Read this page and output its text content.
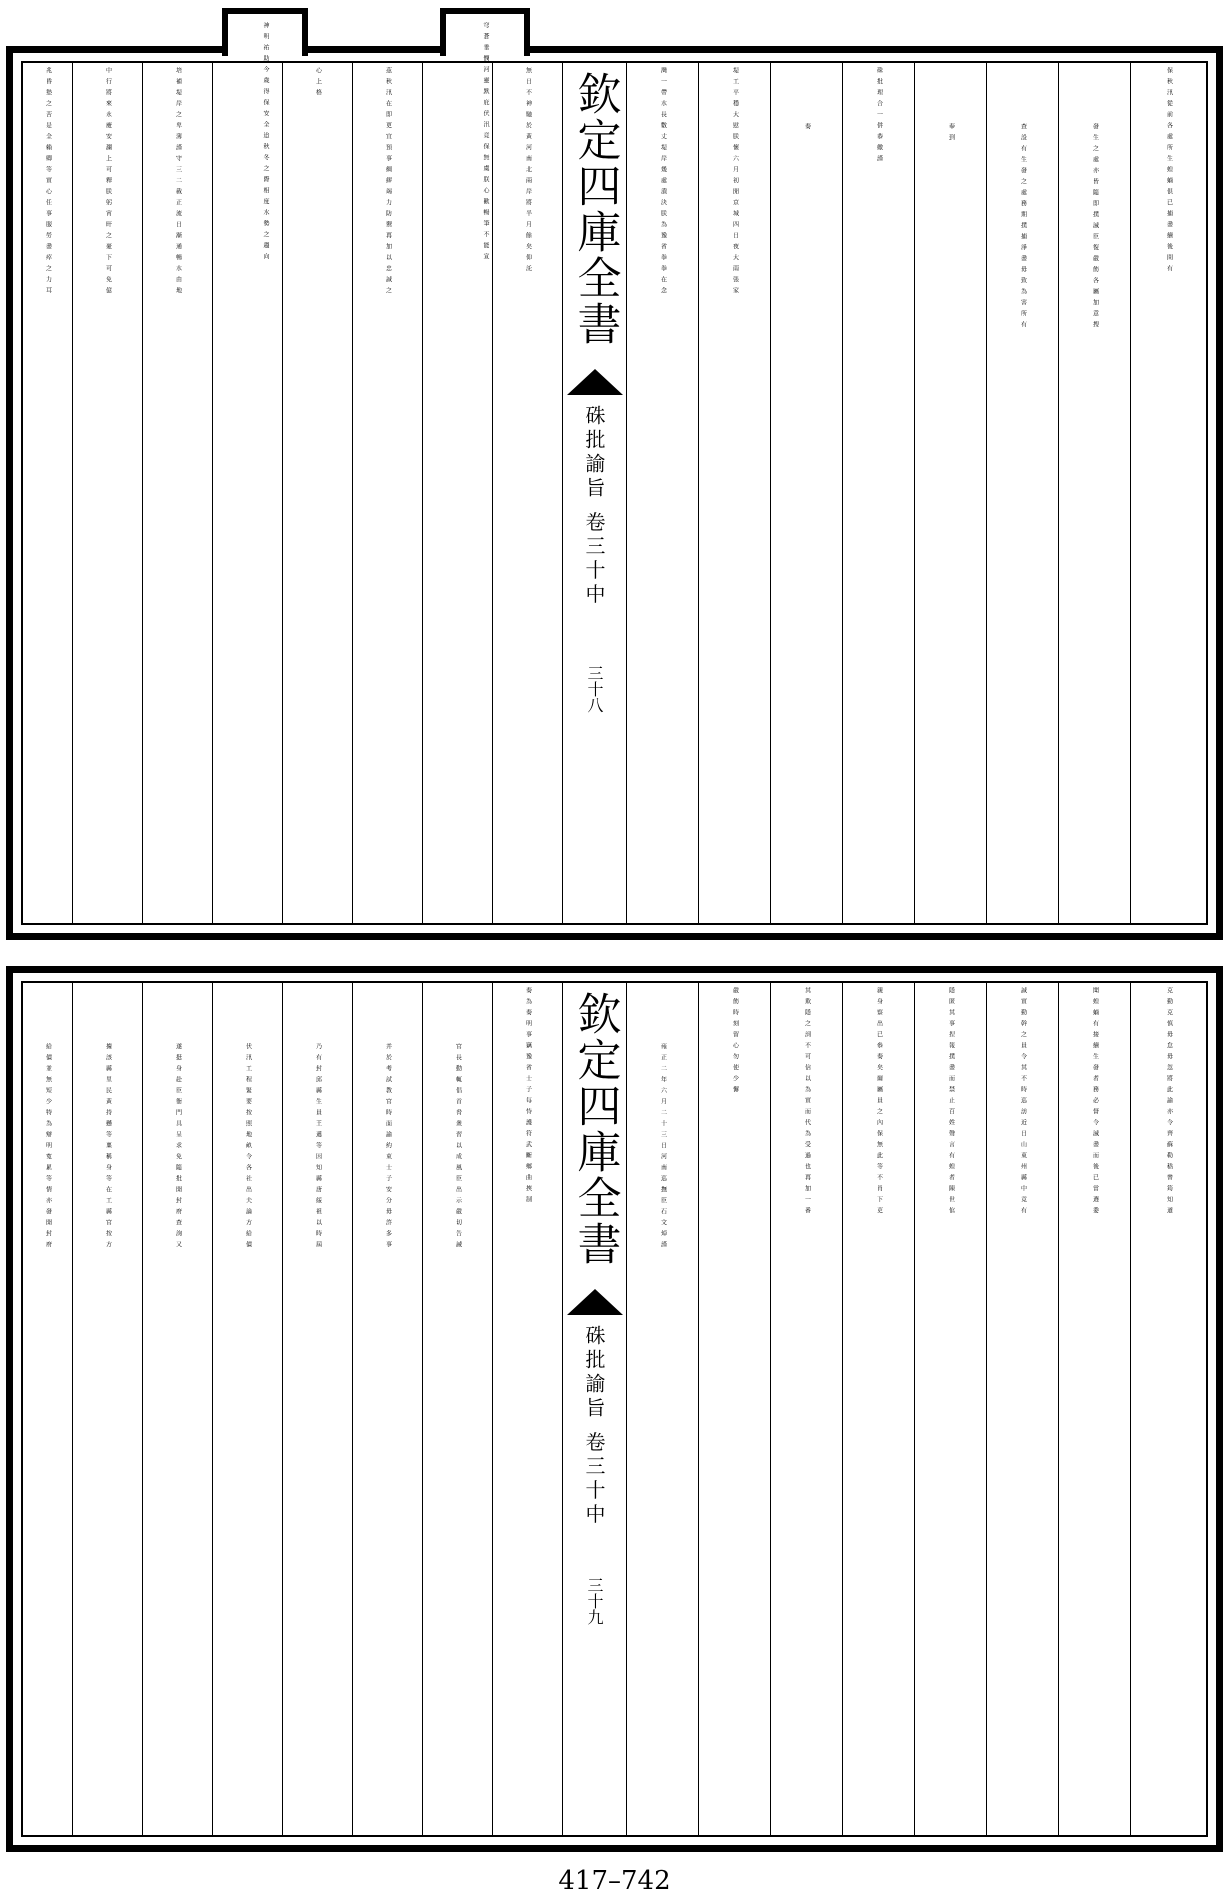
保秋汛從前各處所生蝗蝻俱已捕盡續後間有
發生之處亦皆隨即撲滅臣復嚴飭各屬加意搜
查設有生發之處務期撲捕淨盡毋致為害所有
奉到
硃批理合一併恭繳謹
奏
堤工平穩大慰朕懷六月初閒京城四日夜大雨張家
灣一帶水長數丈堤岸幾處潰決朕為豫省拳拳在念
欽定四庫全書
硃批諭旨 卷三十中
三十八
無日不神馳於黃河南北兩岸將半月餘矣仰託
茲秋汛在即更宜預事綢繆竭力防禦再加以忠誠之
心上格
培補堤岸之卑薄謹守三二載正流日漸通暢水由地
中行將來永慶安瀾上可釋朕躬宵旰之憂下可免億
兆昏墊之苦是全賴卿等實心任事服勞盡瘁之力耳	穹蒼垂憫河靈默庇伏汛竟保無虞朕心歡暢筆不能宣
神明祐助今歲得保安全迨秋冬之際相度水勢之趨向
克勤克慎毋怠毋忽將此諭亦令齊蘇勒嵇曾筠知道
聞蝗蝻有接續生發者務必督令滅盡而後已當選委
誠實勤幹之員令其不時巡訪近日山東州縣中竟有
隱匿其事捏報撲盡而禁止百姓聲言有蝗者陳世倌
親身察出已叅奏矣爾屬員之內保無此等不肖下吏
其欺隱之詞不可信以為實而代為受過也再加一番
嚴飭時刻留心勿使少懈
雍正二年六月二十三日河南巡撫臣石文焯謹
欽定四庫全書
硃批諭旨 卷三十中
三十九
奏為奏明事竊豫省士子每恃護符武斷鄉曲挾制
官長動輒倡首脅衆習以成風臣出示嚴切告誡
并於考試教官時面諭約束士子安分毋許多事
乃有封邱縣生員王遜等因知縣唐綏祖以時屆
伏汛工程緊要按照地畝令各社出夫論方給價
遂挺身赴臣衙門具呈求免隨批開封府查詢又
據該縣里民黃持懸等稟稱身等在工縣官按方
給價並無短少特為辯明寃累等情亦發開封府
417–742
